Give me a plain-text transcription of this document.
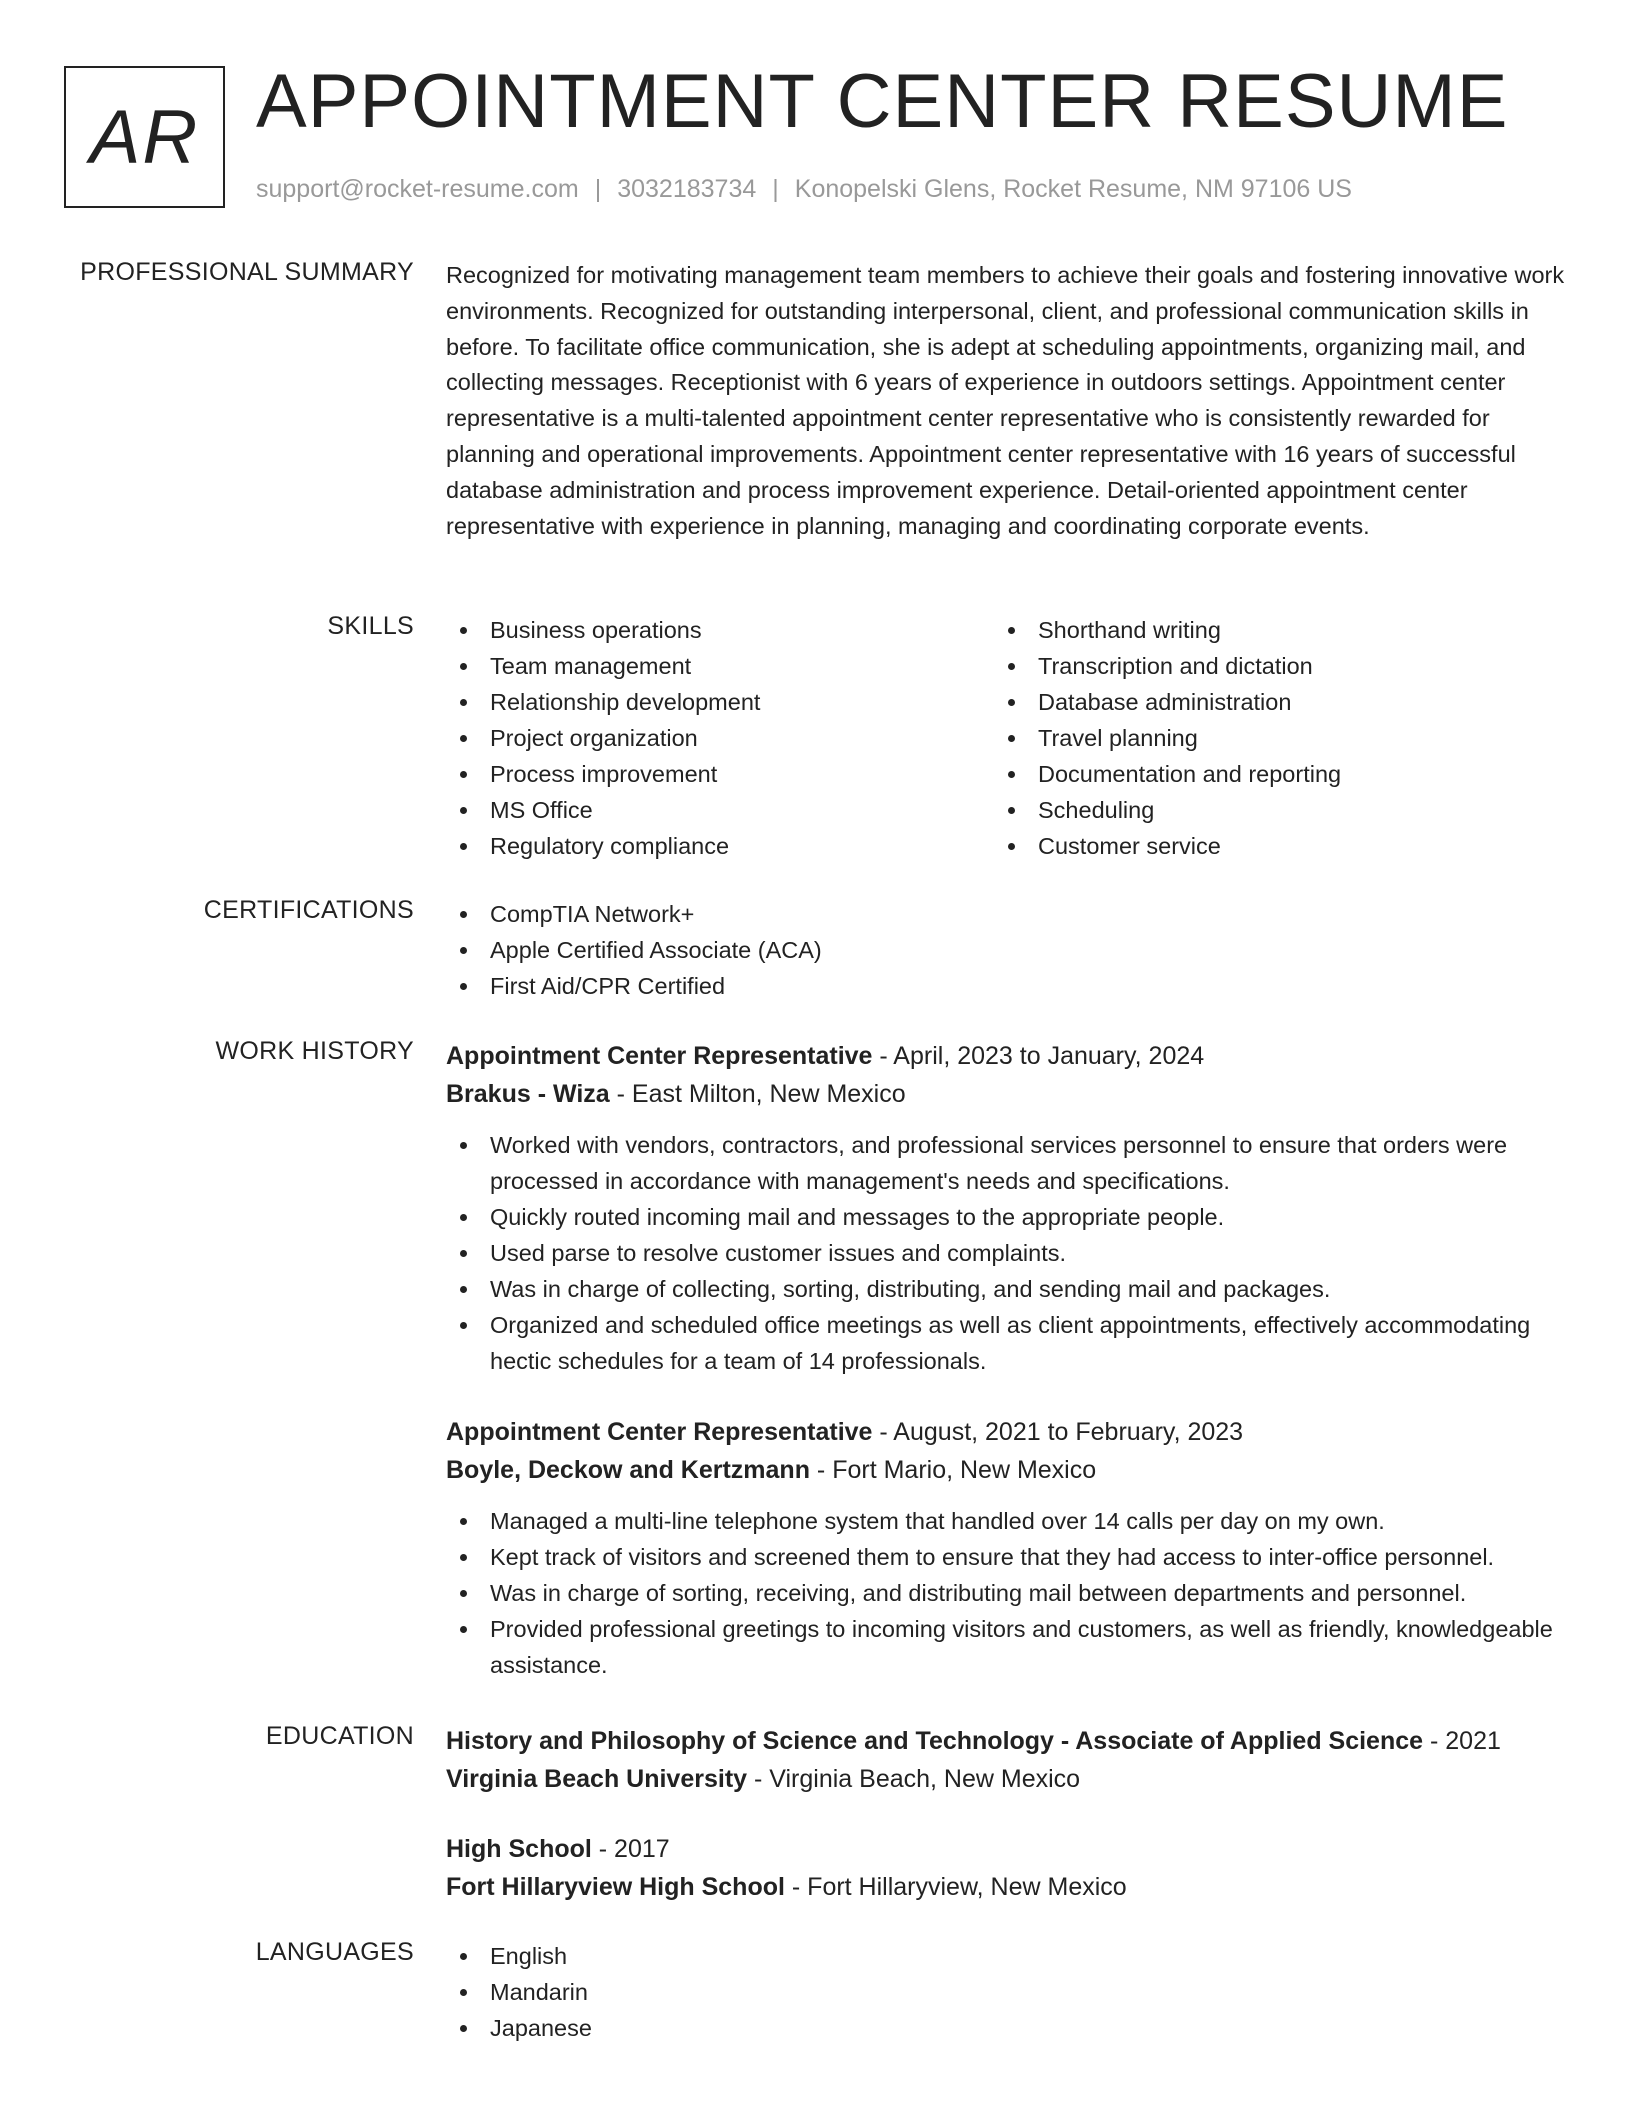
AR APPOINTMENT CENTER RESUME
support@rocket-resume.com | 3032183734 | Konopelski Glens, Rocket Resume, NM 97106 US
PROFESSIONAL SUMMARY Recognized for motivating management team members to achieve their goals and fostering innovative work environments. Recognized for outstanding interpersonal, client, and professional communication skills in before. To facilitate office communication, she is adept at scheduling appointments, organizing mail, and collecting messages. Receptionist with 6 years of experience in outdoors settings. Appointment center representative is a multi-talented appointment center representative who is consistently rewarded for planning and operational improvements. Appointment center representative with 16 years of successful database administration and process improvement experience. Detail-oriented appointment center representative with experience in planning, managing and coordinating corporate events.
SKILLS	Business operations
Team management
Relationship development
Project organization
Process improvement
MS Office
Regulatory compliance
Shorthand writing
Transcription and dictation
Database administration
Travel planning
Documentation and reporting
Scheduling
Customer service
CERTIFICATIONS	CompTIA Network+
Apple Certified Associate (ACA)
First Aid/CPR Certified
WORK HISTORY Appointment Center Representative - April, 2023 to January, 2024
Brakus - Wiza - East Milton, New Mexico
Worked with vendors, contractors, and professional services personnel to ensure that orders were processed in accordance with management's needs and specifications.
Quickly routed incoming mail and messages to the appropriate people.
Used parse to resolve customer issues and complaints.
Was in charge of collecting, sorting, distributing, and sending mail and packages.
Organized and scheduled office meetings as well as client appointments, effectively accommodating hectic schedules for a team of 14 professionals.
Appointment Center Representative - August, 2021 to February, 2023
Boyle, Deckow and Kertzmann - Fort Mario, New Mexico
Managed a multi-line telephone system that handled over 14 calls per day on my own.
Kept track of visitors and screened them to ensure that they had access to inter-office personnel.
Was in charge of sorting, receiving, and distributing mail between departments and personnel.
Provided professional greetings to incoming visitors and customers, as well as friendly, knowledgeable assistance.
EDUCATION History and Philosophy of Science and Technology - Associate of Applied Science - 2021
Virginia Beach University - Virginia Beach, New Mexico
High School - 2017
Fort Hillaryview High School - Fort Hillaryview, New Mexico
LANGUAGES	English
Mandarin
Japanese
